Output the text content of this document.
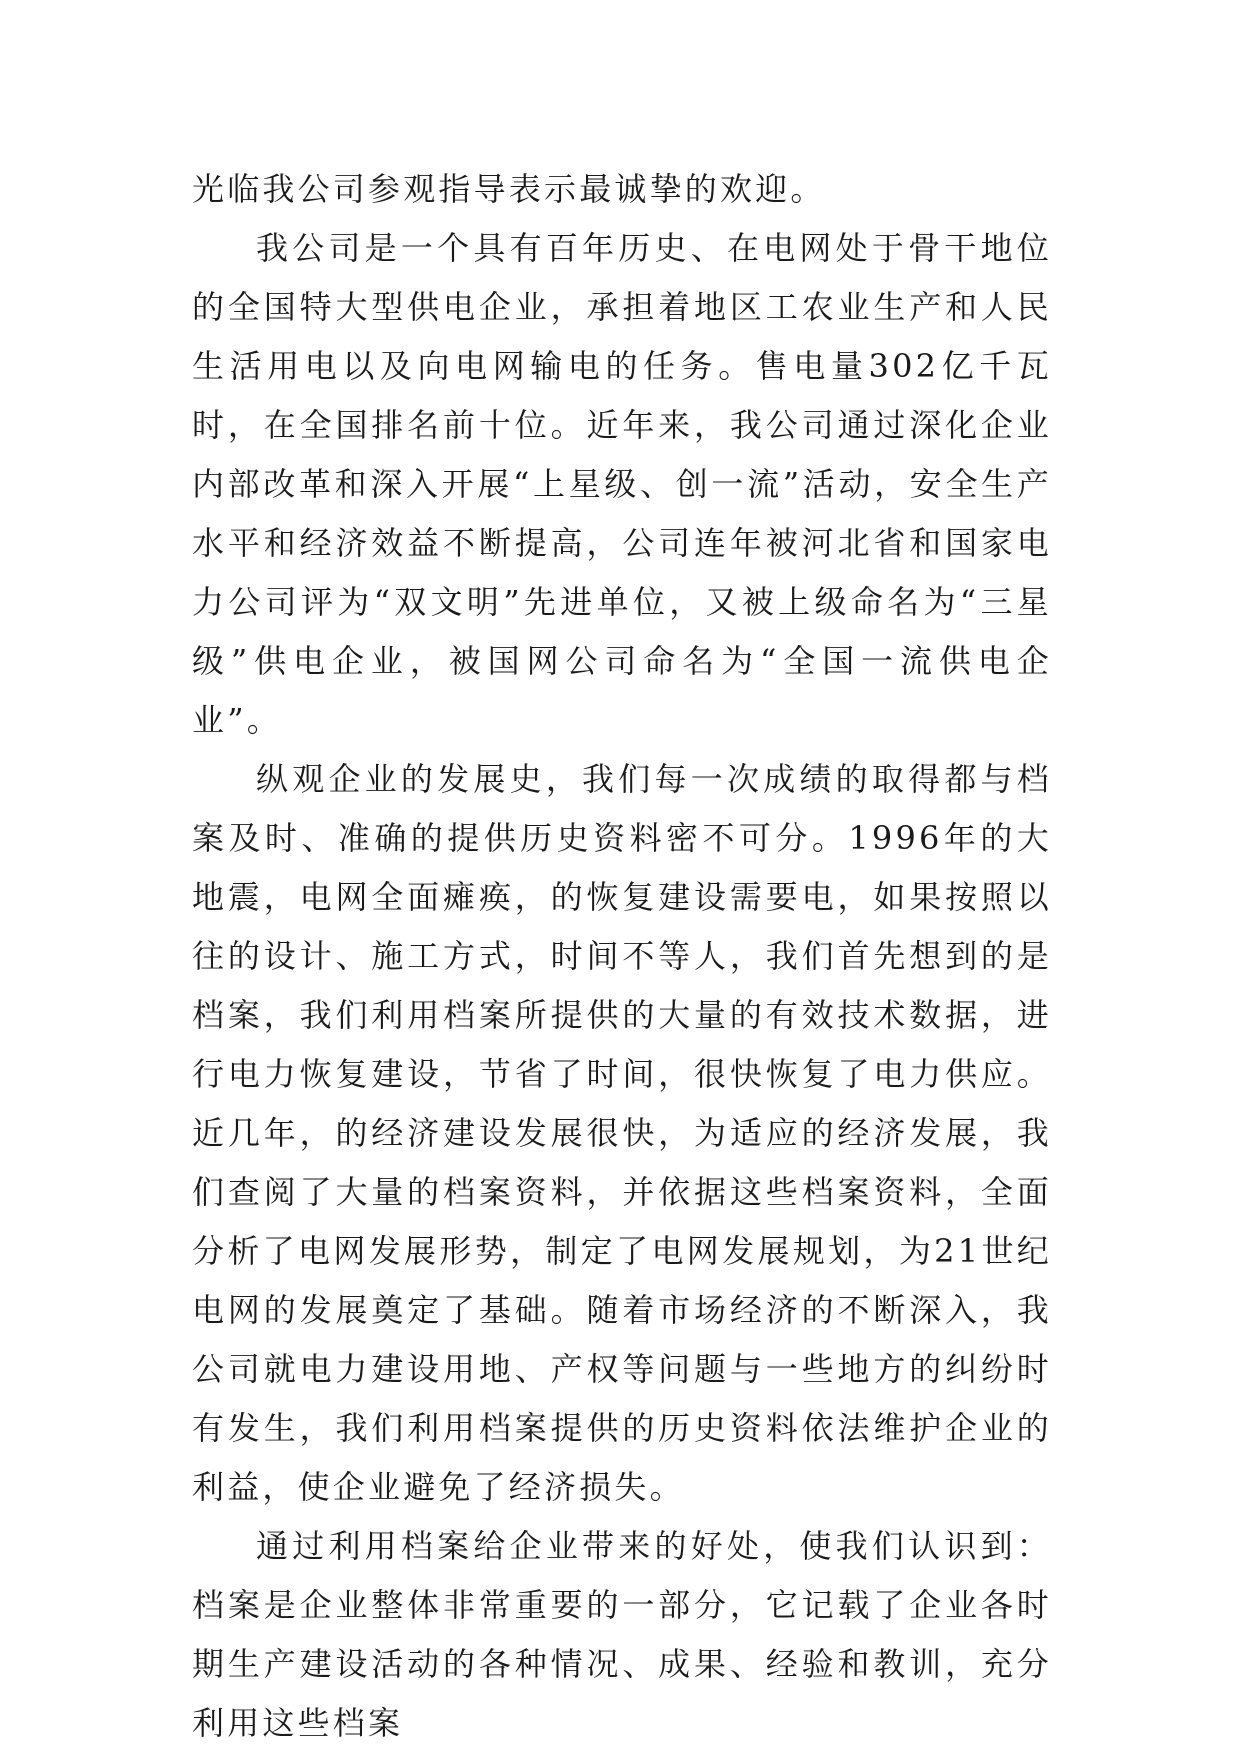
光临我公司参观指导表示最诚挚的欢迎。

我公司是一个具有百年历史、在电网处于骨干地位的全国特大型供电企业，承担着地区工农业生产和人民生活用电以及向电网输电的任务。售电量302亿千瓦时，在全国排名前十位。近年来，我公司通过深化企业内部改革和深入开展“上星级、创一流”活动，安全生产水平和经济效益不断提高，公司连年被河北省和国家电力公司评为“双文明”先进单位，又被上级命名为“三星级”供电企业，被国网公司命名为“全国一流供电企业”。

纵观企业的发展史，我们每一次成绩的取得都与档案及时、准确的提供历史资料密不可分。1996年的大地震，电网全面瘫痪，的恢复建设需要电，如果按照以往的设计、施工方式，时间不等人，我们首先想到的是档案，我们利用档案所提供的大量的有效技术数据，进行电力恢复建设，节省了时间，很快恢复了电力供应。近几年，的经济建设发展很快，为适应的经济发展，我们查阅了大量的档案资料，并依据这些档案资料，全面分析了电网发展形势，制定了电网发展规划，为21世纪电网的发展奠定了基础。随着市场经济的不断深入，我公司就电力建设用地、产权等问题与一些地方的纠纷时有发生，我们利用档案提供的历史资料依法维护企业的利益，使企业避免了经济损失。

通过利用档案给企业带来的好处，使我们认识到：档案是企业整体非常重要的一部分，它记载了企业各时期生产建设活动的各种情况、成果、经验和教训，充分利用这些档案
